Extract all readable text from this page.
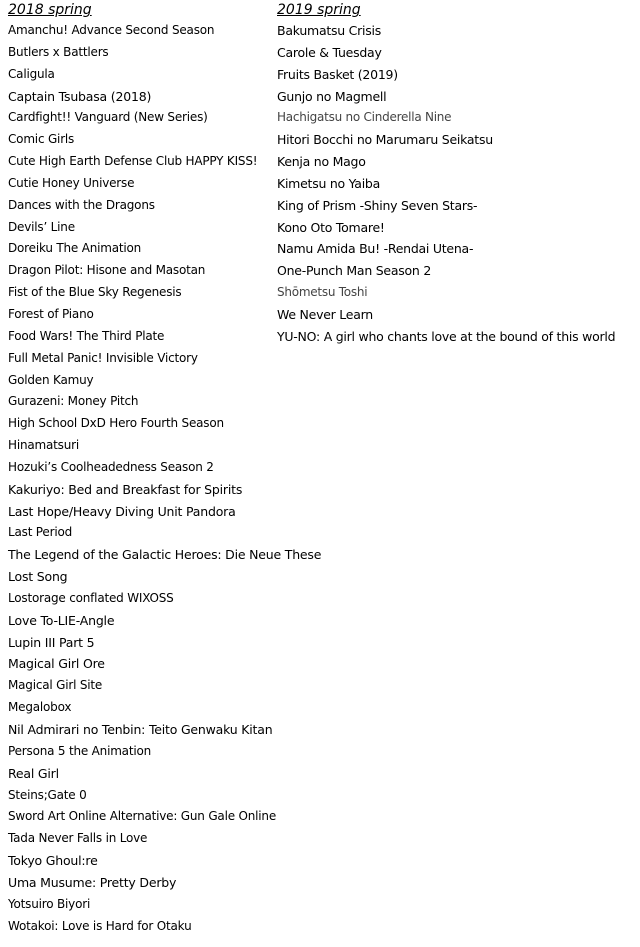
2018 spring
Amanchu! Advance Second Season
Butlers x Battlers
Caligula
Captain Tsubasa (2018)
Cardfight!! Vanguard (New Series)
Comic Girls
Cute High Earth Defense Club HAPPY KISS!
Cutie Honey Universe
Dances with the Dragons
Devils’ Line
Doreiku The Animation
Dragon Pilot: Hisone and Masotan
Fist of the Blue Sky Regenesis
Forest of Piano
Food Wars! The Third Plate
Full Metal Panic! Invisible Victory
Golden Kamuy
Gurazeni: Money Pitch
High School DxD Hero Fourth Season
Hinamatsuri
Hozuki’s Coolheadedness Season 2
Kakuriyo: Bed and Breakfast for Spirits
Last Hope/Heavy Diving Unit Pandora
Last Period
The Legend of the Galactic Heroes: Die Neue These
Lost Song
Lostorage conflated WIXOSS
Love To-LIE-Angle
Lupin III Part 5
Magical Girl Ore
Magical Girl Site
Megalobox
Nil Admirari no Tenbin: Teito Genwaku Kitan
Persona 5 the Animation
Real Girl
Steins;Gate 0
Sword Art Online Alternative: Gun Gale Online
Tada Never Falls in Love
Tokyo Ghoul:re
Uma Musume: Pretty Derby
Yotsuiro Biyori
Wotakoi: Love is Hard for Otaku
2019 spring
Bakumatsu Crisis
Carole & Tuesday
Fruits Basket (2019)
Gunjo no Magmell
Hachigatsu no Cinderella Nine
Hitori Bocchi no Marumaru Seikatsu
Kenja no Mago
Kimetsu no Yaiba
King of Prism -Shiny Seven Stars-
Kono Oto Tomare!
Namu Amida Bu! -Rendai Utena-
One-Punch Man Season 2
Shōmetsu Toshi
We Never Learn
YU-NO: A girl who chants love at the bound of this world
